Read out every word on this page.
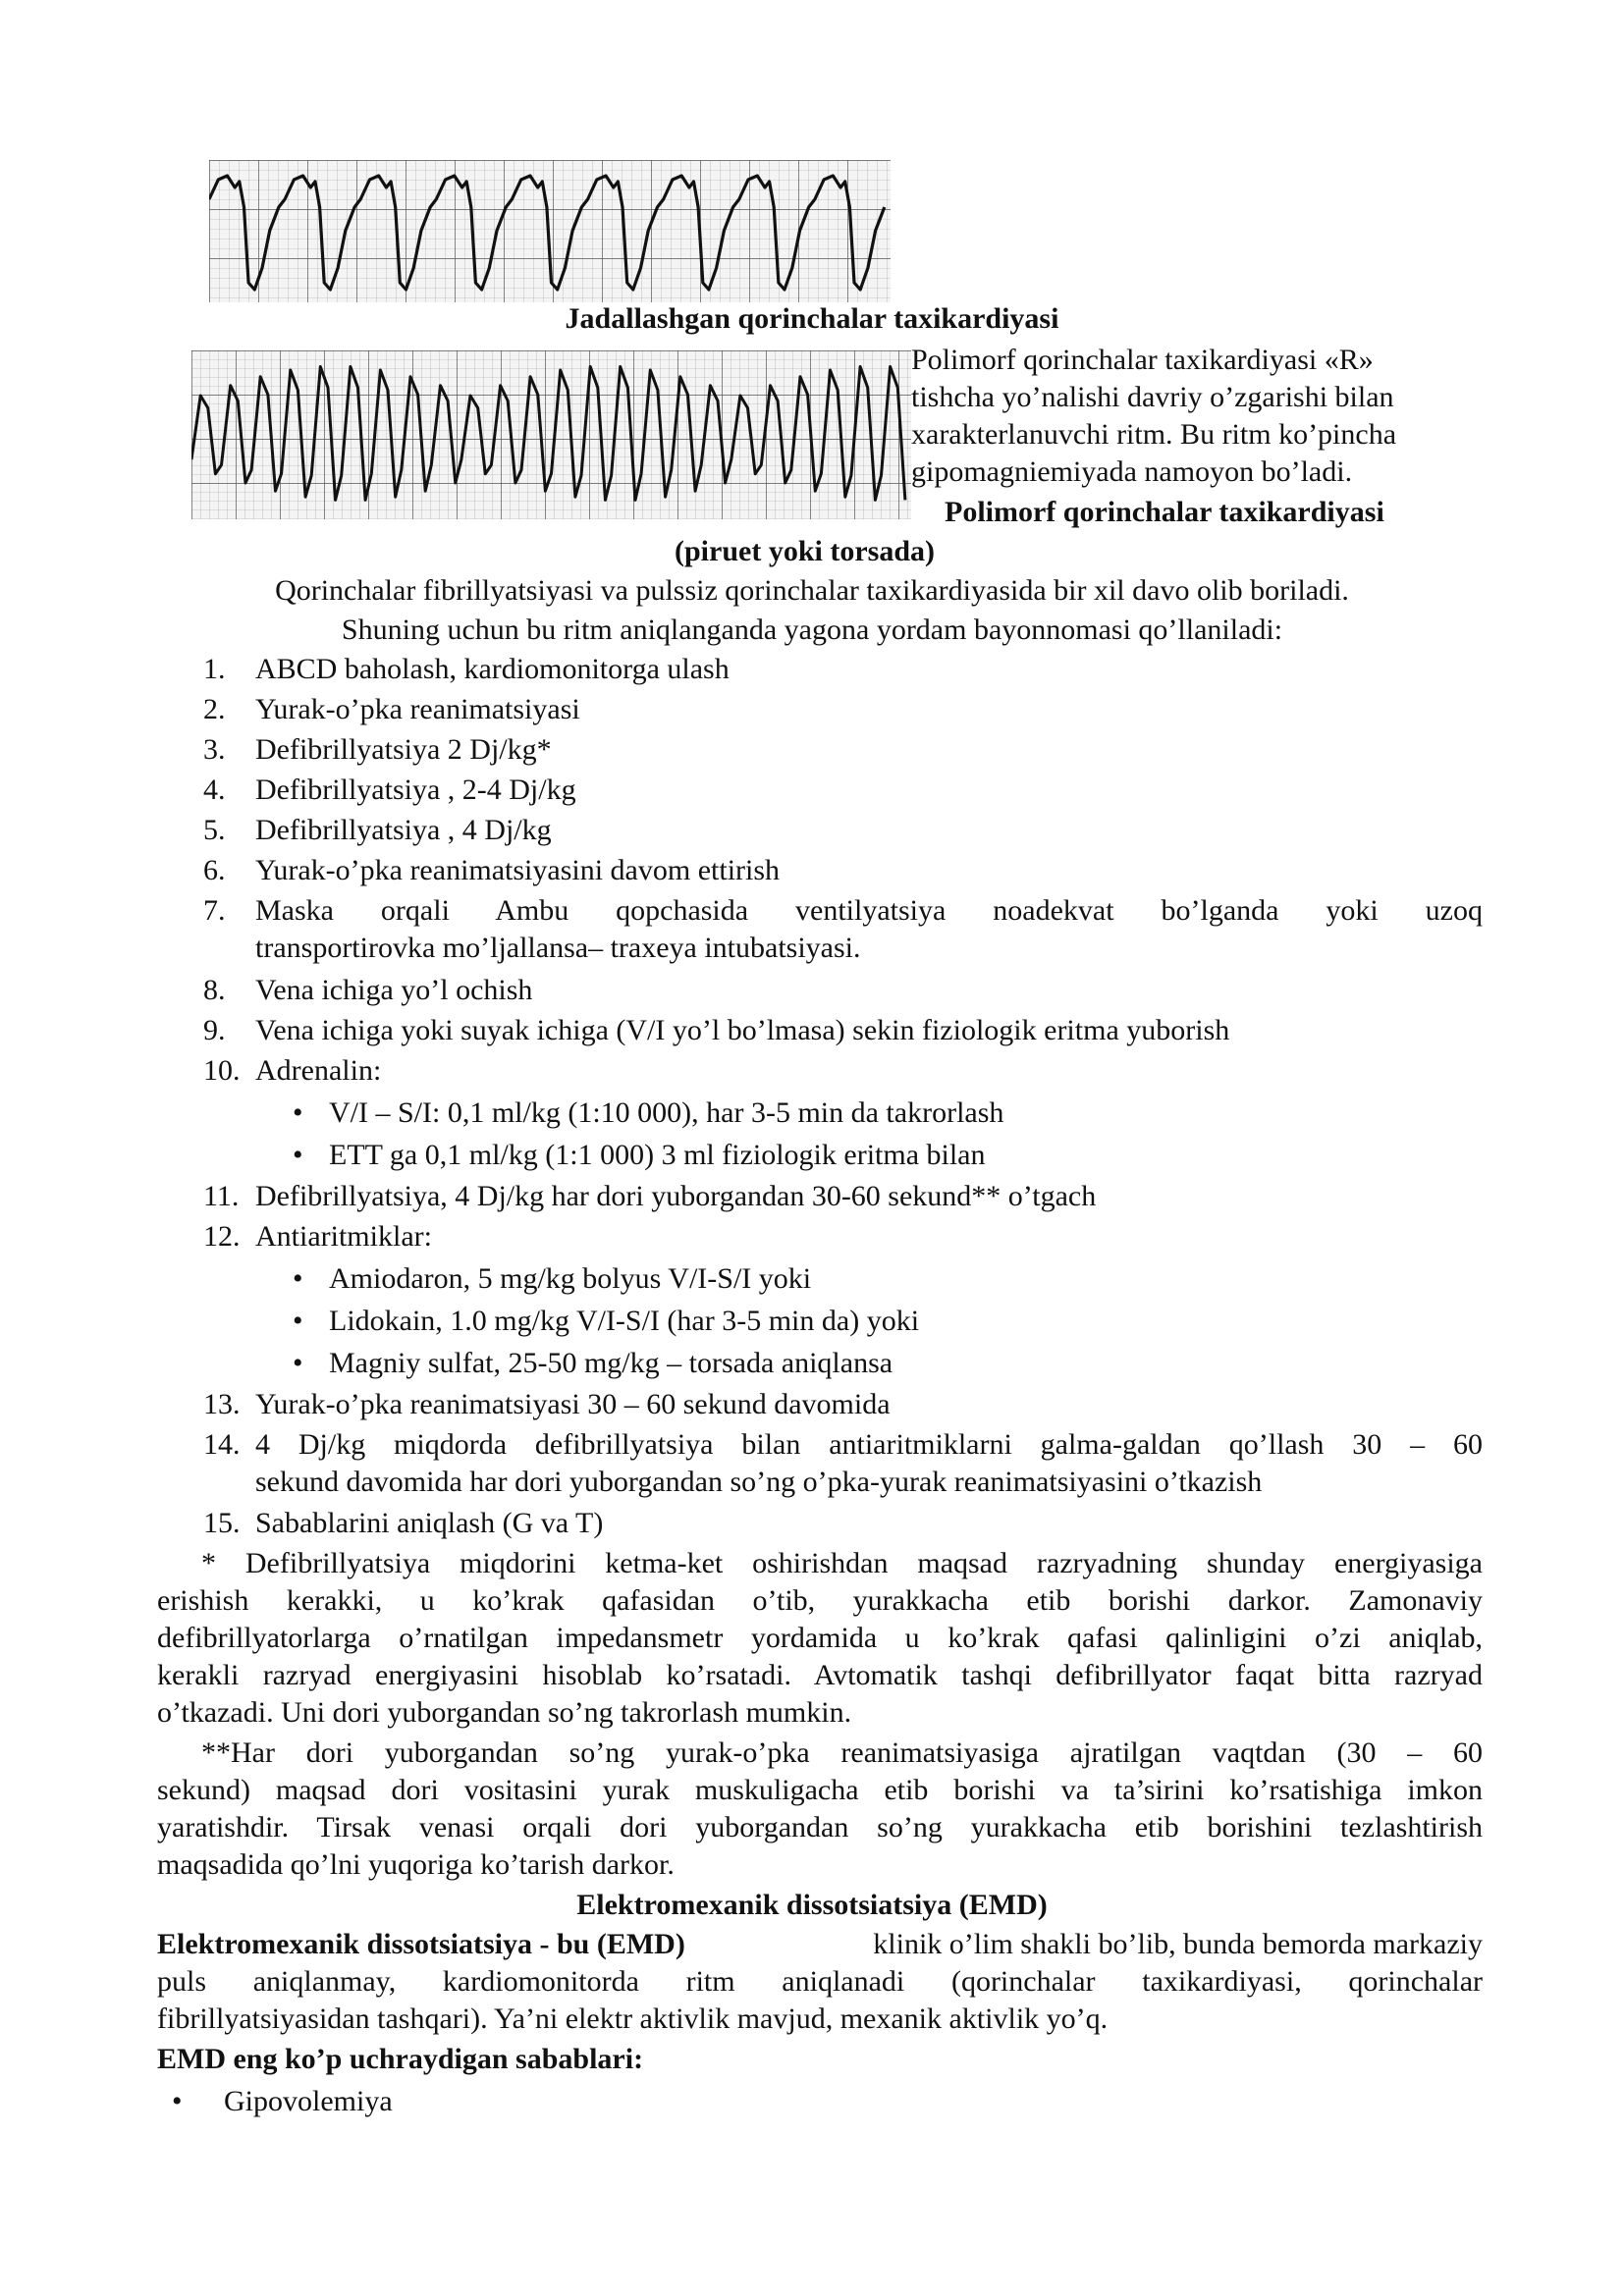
Jadallashgan qorinchalar taxikardiyasi
Polimorf qorinchalar taxikardiyasi «R»
tishcha yo’nalishi davriy o’zgarishi bilan
xarakterlanuvchi ritm. Bu ritm ko’pincha
gipomagniemiyada namoyon bo’ladi.
Polimorf qorinchalar taxikardiyasi
(piruet yoki torsada)
Qorinchalar fibrillyatsiyasi va pulssiz qorinchalar taxikardiyasida bir xil davo olib boriladi.
Shuning uchun bu ritm aniqlanganda yagona yordam bayonnomasi qo’llaniladi:
1. ABCD baholash, kardiomonitorga ulash
2. Yurak-o’pka reanimatsiyasi
3. Defibrillyatsiya 2 Dj/kg*
4. Defibrillyatsiya , 2-4 Dj/kg
5. Defibrillyatsiya , 4 Dj/kg
6. Yurak-o’pka reanimatsiyasini davom ettirish
7. Maska orqali Ambu qopchasida ventilyatsiya noadekvat bo’lganda yoki uzoq
transportirovka mo’ljallansa– traxeya intubatsiyasi.
8. Vena ichiga yo’l ochish
9. Vena ichiga yoki suyak ichiga (V/I yo’l bo’lmasa) sekin fiziologik eritma yuborish
10. Adrenalin:
• V/I – S/I: 0,1 ml/kg (1:10 000), har 3-5 min da takrorlash
• ETT ga 0,1 ml/kg (1:1 000) 3 ml fiziologik eritma bilan
11. Defibrillyatsiya, 4 Dj/kg har dori yuborgandan 30-60 sekund** o’tgach
12. Antiaritmiklar:
• Amiodaron, 5 mg/kg bolyus V/I-S/I yoki
• Lidokain, 1.0 mg/kg V/I-S/I (har 3-5 min da) yoki
• Magniy sulfat, 25-50 mg/kg – torsada aniqlansa
13. Yurak-o’pka reanimatsiyasi 30 – 60 sekund davomida
14. 4 Dj/kg miqdorda defibrillyatsiya bilan antiaritmiklarni galma-galdan qo’llash 30 – 60
sekund davomida har dori yuborgandan so’ng o’pka-yurak reanimatsiyasini o’tkazish
15. Sabablarini aniqlash (G va T)
* Defibrillyatsiya miqdorini ketma-ket oshirishdan maqsad razryadning shunday energiyasiga
erishish kerakki, u ko’krak qafasidan o’tib, yurakkacha etib borishi darkor. Zamonaviy
defibrillyatorlarga o’rnatilgan impedansmetr yordamida u ko’krak qafasi qalinligini o’zi aniqlab,
kerakli razryad energiyasini hisoblab ko’rsatadi. Avtomatik tashqi defibrillyator faqat bitta razryad
o’tkazadi. Uni dori yuborgandan so’ng takrorlash mumkin.
**Har dori yuborgandan so’ng yurak-o’pka reanimatsiyasiga ajratilgan vaqtdan (30 – 60
sekund) maqsad dori vositasini yurak muskuligacha etib borishi va ta’sirini ko’rsatishiga imkon
yaratishdir. Tirsak venasi orqali dori yuborgandan so’ng yurakkacha etib borishini tezlashtirish
maqsadida qo’lni yuqoriga ko’tarish darkor.
Elektromexanik dissotsiatsiya (EMD)
Elektromexanik dissotsiatsiya - bu (EMD)	klinik o’lim shakli bo’lib, bunda bemorda markaziy
puls aniqlanmay, kardiomonitorda ritm aniqlanadi (qorinchalar taxikardiyasi, qorinchalar
fibrillyatsiyasidan tashqari). Ya’ni elektr aktivlik mavjud, mexanik aktivlik yo’q.
EMD eng ko’p uchraydigan sabablari:
• Gipovolemiya
